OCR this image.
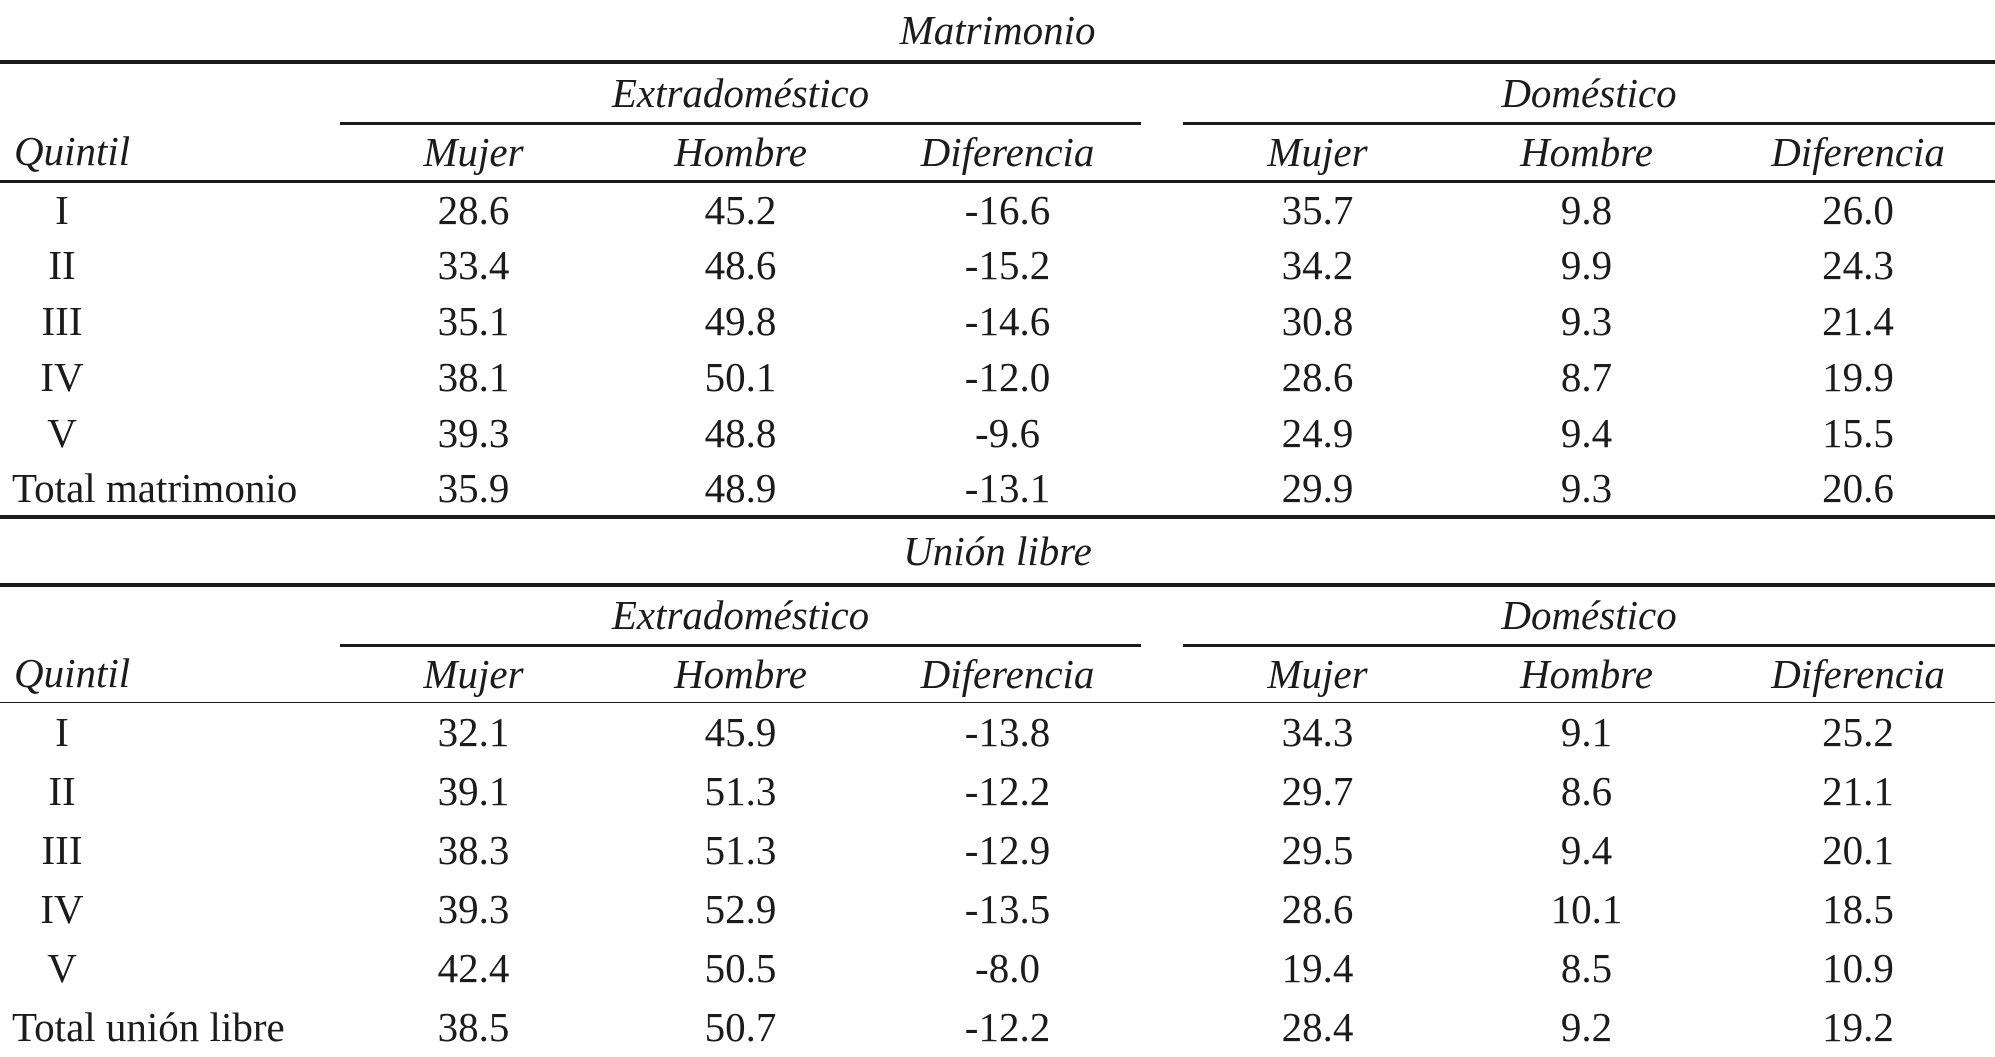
Matrimonio							
	Extradoméstico				Doméstico		
Quintil	Mujer	Hombre	Diferencia		Mujer	Hombre	Diferencia
I	28.6	45.2	-16.6		35.7	9.8	26.0
II	33.4	48.6	-15.2		34.2	9.9	24.3
III	35.1	49.8	-14.6		30.8	9.3	21.4
IV	38.1	50.1	-12.0		28.6	8.7	19.9
V	39.3	48.8	-9.6		24.9	9.4	15.5
Total matrimonio	35.9	48.9	-13.1		29.9	9.3	20.6
Unión libre							
	Extradoméstico				Doméstico		
Quintil	Mujer	Hombre	Diferencia		Mujer	Hombre	Diferencia
I	32.1	45.9	-13.8		34.3	9.1	25.2
II	39.1	51.3	-12.2		29.7	8.6	21.1
III	38.3	51.3	-12.9		29.5	9.4	20.1
IV	39.3	52.9	-13.5		28.6	10.1	18.5
V	42.4	50.5	-8.0		19.4	8.5	10.9
Total unión libre	38.5	50.7	-12.2		28.4	9.2	19.2
